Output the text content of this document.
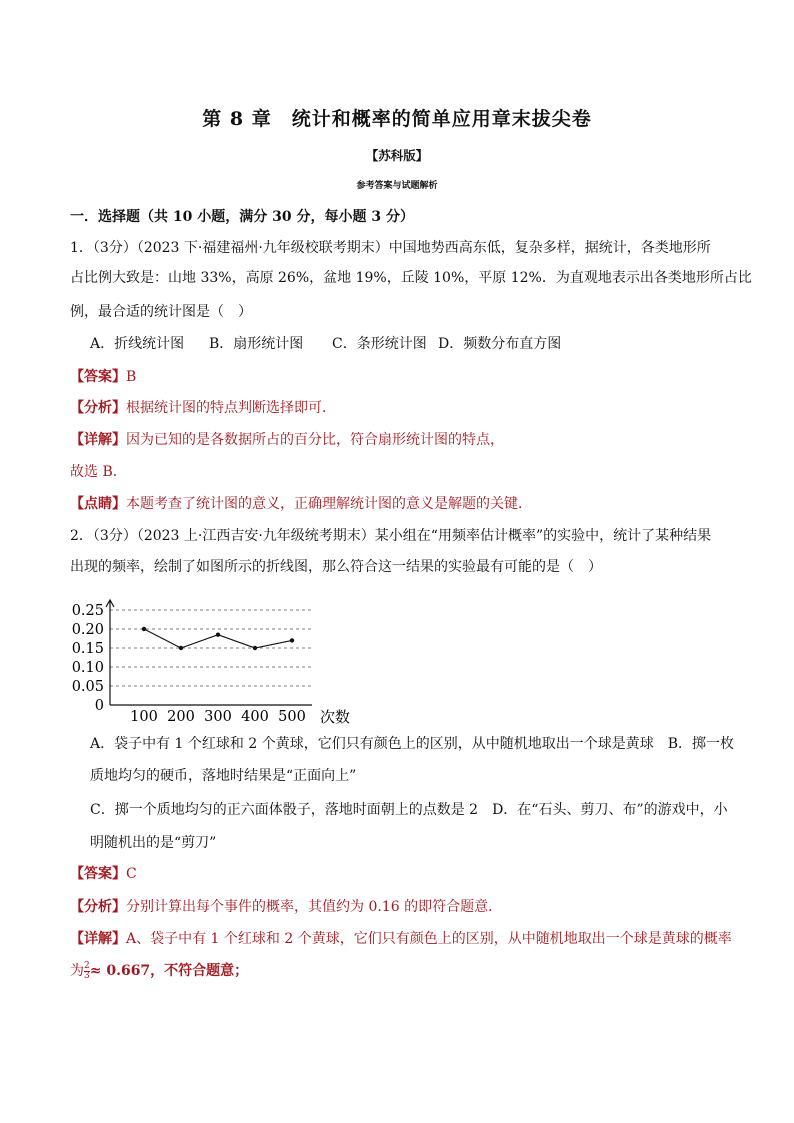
第 8 章　统计和概率的简单应用章末拔尖卷
【苏科版】
参考答案与试题解析
一．选择题（共 10 小题，满分 30 分，每小题 3 分）
1．（3分）（2023 下·福建福州·九年级校联考期末）中国地势西高东低，复杂多样，据统计，各类地形所
占比例大致是：山地 33%，高原 26%，盆地 19%，丘陵 10%，平原 12%．为直观地表示出各类地形所占比
例，最合适的统计图是（　）
A．折线统计图 B．扇形统计图 C．条形统计图 D．频数分布直方图
【答案】B
【分析】根据统计图的特点判断选择即可．
【详解】因为已知的是各数据所占的百分比，符合扇形统计图的特点，
故选 B．
【点睛】本题考查了统计图的意义，正确理解统计图的意义是解题的关键．
2．（3分）（2023 上·江西吉安·九年级统考期末）某小组在“用频率估计概率”的实验中，统计了某种结果
出现的频率，绘制了如图所示的折线图，那么符合这一结果的实验最有可能的是（　）
0
0.05
0.10
0.15
0.20
0.25
100 200 300 400 500 次数
A．袋子中有 1 个红球和 2 个黄球，它们只有颜色上的区别，从中随机地取出一个球是黄球　B．掷一枚
质地均匀的硬币，落地时结果是“正面向上”
C．掷一个质地均匀的正六面体骰子，落地时面朝上的点数是 2　D．在“石头、剪刀、布”的游戏中，小
明随机出的是“剪刀”
【答案】C
【分析】分别计算出每个事件的概率，其值约为 0.16 的即符合题意．
【详解】A、袋子中有 1 个红球和 2 个黄球，它们只有颜色上的区别，从中随机地取出一个球是黄球的概率
为 $\frac{2}{3} \approx 0.667$，不符合题意；
